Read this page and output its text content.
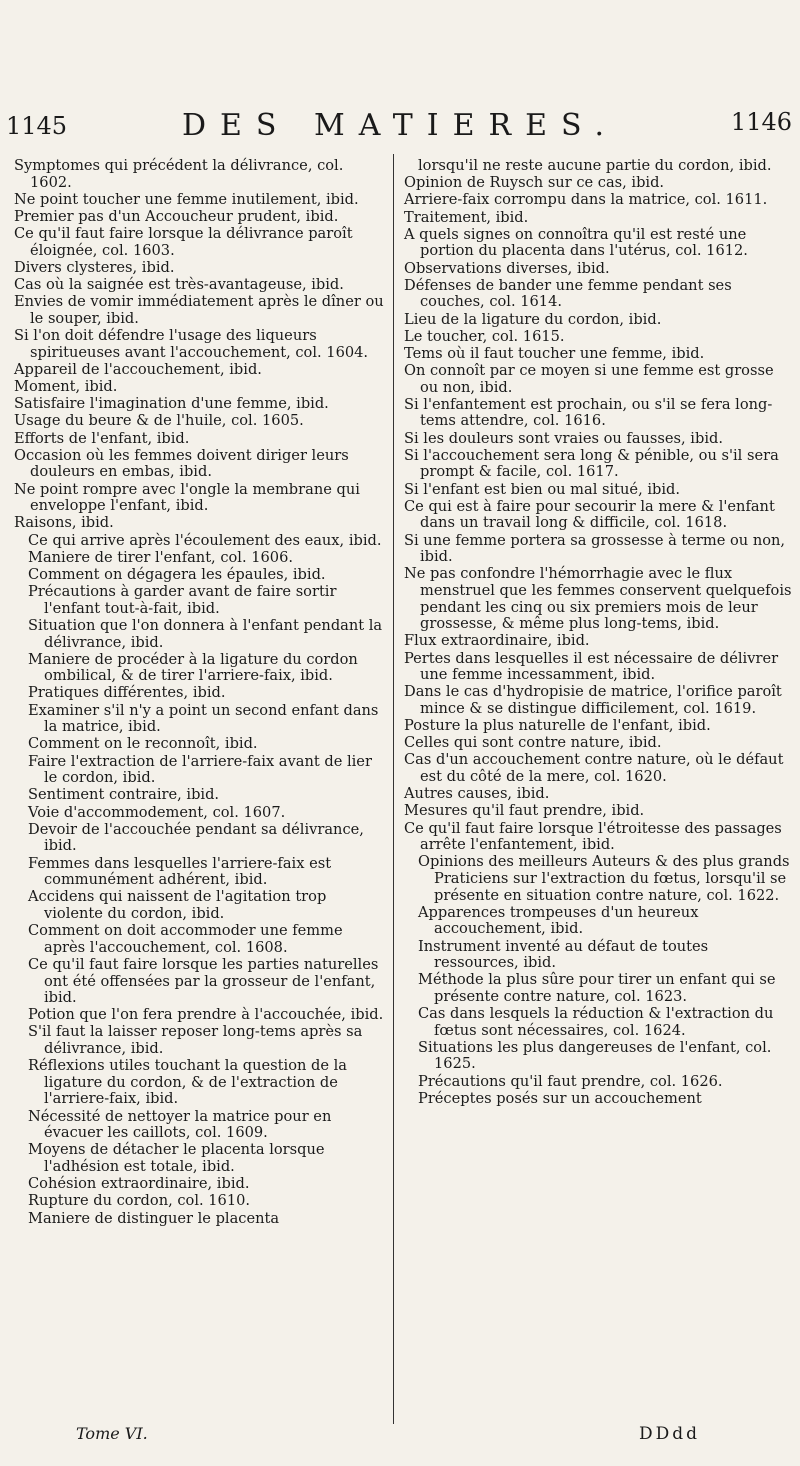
1145	DES MATIERES.	1146

Symptomes qui précédent la délivrance, col. 1602.

Ne point toucher une femme inutilement, ibid.

Premier pas d'un Accoucheur prudent, ibid.

Ce qu'il faut faire lorsque la délivrance paroît éloignée, col. 1603.

Divers clysteres, ibid.

Cas où la saignée est très-avantageuse, ibid.

Envies de vomir immédiatement après le dîner ou le souper, ibid.

Si l'on doit défendre l'usage des liqueurs spiritueuses avant l'accouchement, col. 1604.

Appareil de l'accouchement, ibid.

Moment, ibid.

Satisfaire l'imagination d'une femme, ibid.

Usage du beure & de l'huile, col. 1605.

Efforts de l'enfant, ibid.

Occasion où les femmes doivent diriger leurs douleurs en embas, ibid.

Ne point rompre avec l'ongle la membrane qui enveloppe l'enfant, ibid.

Raisons, ibid.

Ce qui arrive après l'écoulement des eaux, ibid.

Maniere de tirer l'enfant, col. 1606.

Comment on dégagera les épaules, ibid.

Précautions à garder avant de faire sortir l'enfant tout-à-fait, ibid.

Situation que l'on donnera à l'enfant pendant la délivrance, ibid.

Maniere de procéder à la ligature du cordon ombilical, & de tirer l'arriere-faix, ibid.

Pratiques différentes, ibid.

Examiner s'il n'y a point un second enfant dans la matrice, ibid.

Comment on le reconnoît, ibid.

Faire l'extraction de l'arriere-faix avant de lier le cordon, ibid.

Sentiment contraire, ibid.

Voie d'accommodement, col. 1607.

Devoir de l'accouchée pendant sa délivrance, ibid.

Femmes dans lesquelles l'arriere-faix est communément adhérent, ibid.

Accidens qui naissent de l'agitation trop violente du cordon, ibid.

Comment on doit accommoder une femme après l'accouchement, col. 1608.

Ce qu'il faut faire lorsque les parties naturelles ont été offensées par la grosseur de l'enfant, ibid.

Potion que l'on fera prendre à l'accouchée, ibid.

S'il faut la laisser reposer long-tems après sa délivrance, ibid.

Réflexions utiles touchant la question de la ligature du cordon, & de l'extraction de l'arriere-faix, ibid.

Nécessité de nettoyer la matrice pour en évacuer les caillots, col. 1609.

Moyens de détacher le placenta lorsque l'adhésion est totale, ibid.

Cohésion extraordinaire, ibid.

Rupture du cordon, col. 1610.

Maniere de distinguer le placenta

lorsqu'il ne reste aucune partie du cordon, ibid.

Opinion de Ruysch sur ce cas, ibid.

Arriere-faix corrompu dans la matrice, col. 1611.

Traitement, ibid.

A quels signes on connoîtra qu'il est resté une portion du placenta dans l'utérus, col. 1612.

Observations diverses, ibid.

Défenses de bander une femme pendant ses couches, col. 1614.

Lieu de la ligature du cordon, ibid.

Le toucher, col. 1615.

Tems où il faut toucher une femme, ibid.

On connoît par ce moyen si une femme est grosse ou non, ibid.

Si l'enfantement est prochain, ou s'il se fera long-tems attendre, col. 1616.

Si les douleurs sont vraies ou fausses, ibid.

Si l'accouchement sera long & pénible, ou s'il sera prompt & facile, col. 1617.

Si l'enfant est bien ou mal situé, ibid.

Ce qui est à faire pour secourir la mere & l'enfant dans un travail long & difficile, col. 1618.

Si une femme portera sa grossesse à terme ou non, ibid.

Ne pas confondre l'hémorrhagie avec le flux menstruel que les femmes conservent quelquefois pendant les cinq ou six premiers mois de leur grossesse, & même plus long-tems, ibid.

Flux extraordinaire, ibid.

Pertes dans lesquelles il est nécessaire de délivrer une femme incessamment, ibid.

Dans le cas d'hydropisie de matrice, l'orifice paroît mince & se distingue difficilement, col. 1619.

Posture la plus naturelle de l'enfant, ibid.

Celles qui sont contre nature, ibid.

Cas d'un accouchement contre nature, où le défaut est du côté de la mere, col. 1620.

Autres causes, ibid.

Mesures qu'il faut prendre, ibid.

Ce qu'il faut faire lorsque l'étroitesse des passages arrête l'enfantement, ibid.

Opinions des meilleurs Auteurs & des plus grands Praticiens sur l'extraction du fœtus, lorsqu'il se présente en situation contre nature, col. 1622.

Apparences trompeuses d'un heureux accouchement, ibid.

Instrument inventé au défaut de toutes ressources, ibid.

Méthode la plus sûre pour tirer un enfant qui se présente contre nature, col. 1623.

Cas dans lesquels la réduction & l'extraction du fœtus sont nécessaires, col. 1624.

Situations les plus dangereuses de l'enfant, col. 1625.

Précautions qu'il faut prendre, col. 1626.

Préceptes posés sur un accouchement

Tome VI.	DDdd
